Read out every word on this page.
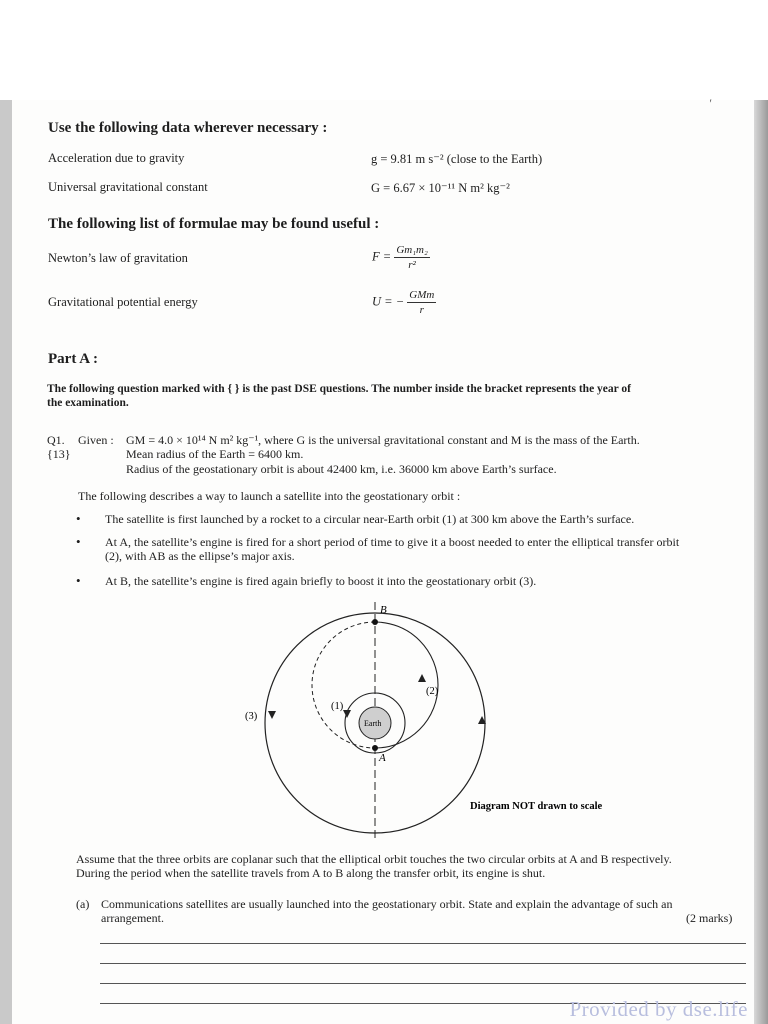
′
Use the following data wherever necessary :
Acceleration due to gravity	g = 9.81 m s⁻² (close to the Earth)
Universal gravitational constant	G = 6.67 × 10⁻¹¹ N m² kg⁻²
The following list of formulae may be found useful :
Newton’s law of gravitation	$F = \frac{\text{Gm₁m₂}}{\text{r²}}$
Gravitational potential energy	U = − $\frac{\text{GMm}}{r}$
Part A :
The following question marked with { } is the past DSE questions. The number inside the bracket represents the year of
the examination.
Q1.
{13}
Given : GM = 4.0 × 10¹⁴ N m² kg⁻¹, where G is the universal gravitational constant and M is the mass of the Earth.
Mean radius of the Earth = 6400 km.
Radius of the geostationary orbit is about 42400 km, i.e. 36000 km above Earth’s surface.
The following describes a way to launch a satellite into the geostationary orbit :
• The satellite is first launched by a rocket to a circular near-Earth orbit (1) at 300 km above the Earth’s surface.
• At A, the satellite’s engine is fired for a short period of time to give it a boost needed to enter the elliptical transfer orbit
(2), with AB as the ellipse’s major axis.
• At B, the satellite’s engine is fired again briefly to boost it into the geostationary orbit (3).
B
A
(1)
(2)
(3)
Earth
Diagram NOT drawn to scale
Assume that the three orbits are coplanar such that the elliptical orbit touches the two circular orbits at A and B respectively.
During the period when the satellite travels from A to B along the transfer orbit, its engine is shut.
(a) Communications satellites are usually launched into the geostationary orbit. State and explain the advantage of such an
arrangement.	(2 marks)
Provided by dse.life
